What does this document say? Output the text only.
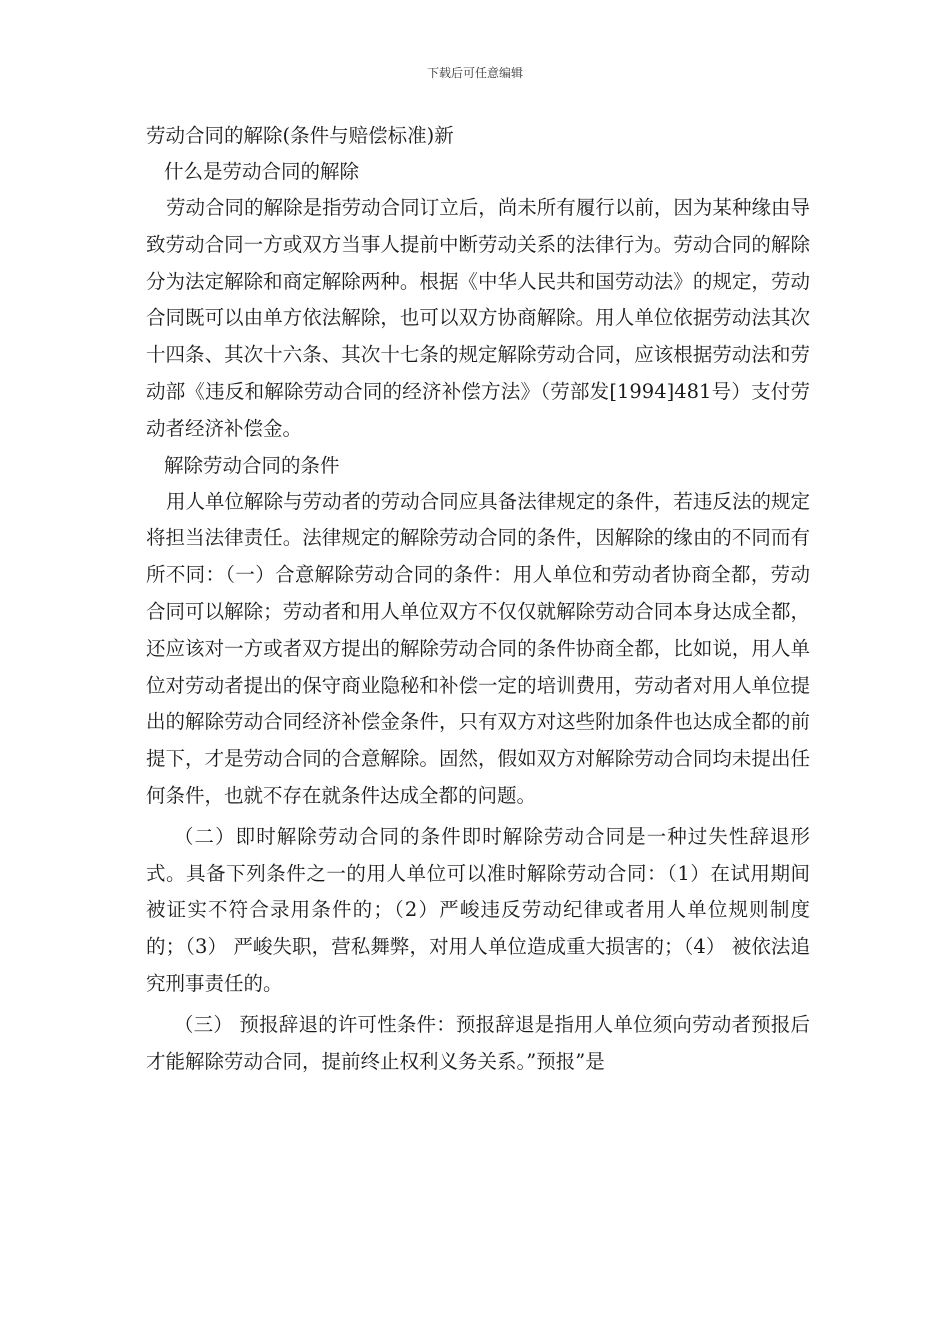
下载后可任意编辑

劳动合同的解除(条件与赔偿标准)新

什么是劳动合同的解除

劳动合同的解除是指劳动合同订立后，尚未所有履行以前，因为某种缘由导致劳动合同一方或双方当事人提前中断劳动关系的法律行为。劳动合同的解除分为法定解除和商定解除两种。根据《中华人民共和国劳动法》的规定，劳动合同既可以由单方依法解除，也可以双方协商解除。用人单位依据劳动法其次十四条、其次十六条、其次十七条的规定解除劳动合同，应该根据劳动法和劳动部《违反和解除劳动合同的经济补偿方法》（劳部发[1994]481号）支付劳动者经济补偿金。

解除劳动合同的条件

用人单位解除与劳动者的劳动合同应具备法律规定的条件，若违反法的规定将担当法律责任。法律规定的解除劳动合同的条件，因解除的缘由的不同而有所不同：（一）合意解除劳动合同的条件：用人单位和劳动者协商全都，劳动合同可以解除；劳动者和用人单位双方不仅仅就解除劳动合同本身达成全都，还应该对一方或者双方提出的解除劳动合同的条件协商全都，比如说，用人单位对劳动者提出的保守商业隐秘和补偿一定的培训费用，劳动者对用人单位提出的解除劳动合同经济补偿金条件，只有双方对这些附加条件也达成全都的前提下，才是劳动合同的合意解除。固然，假如双方对解除劳动合同均未提出任何条件，也就不存在就条件达成全都的问题。

（二）即时解除劳动合同的条件即时解除劳动合同是一种过失性辞退形式。具备下列条件之一的用人单位可以准时解除劳动合同：（1）在试用期间被证实不符合录用条件的；（2）严峻违反劳动纪律或者用人单位规则制度的；（3） 严峻失职，营私舞弊，对用人单位造成重大损害的；（4） 被依法追究刑事责任的。

（三） 预报辞退的许可性条件：预报辞退是指用人单位须向劳动者预报后才能解除劳动合同，提前终止权利义务关系。”预报”是
